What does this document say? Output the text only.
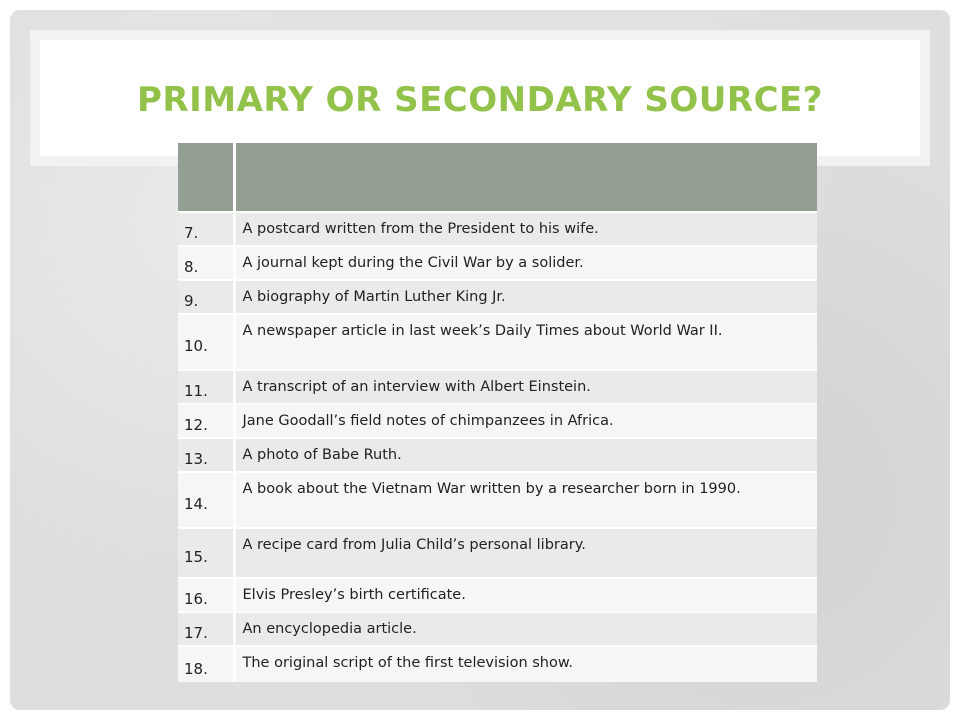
PRIMARY OR SECONDARY SOURCE?

7.	A postcard written from the President to his wife.
8.	A journal kept during the Civil War by a solider.
9.	A biography of Martin Luther King Jr.
10.	A newspaper article in last week’s Daily Times about World War II.
11.	A transcript of an interview with Albert Einstein.
12.	Jane Goodall’s field notes of chimpanzees in Africa.
13.	A photo of Babe Ruth.
14.	A book about the Vietnam War written by a researcher born in 1990.
15.	A recipe card from Julia Child’s personal library.
16.	Elvis Presley’s birth certificate.
17.	An encyclopedia article.
18.	The original script of the first television show.
